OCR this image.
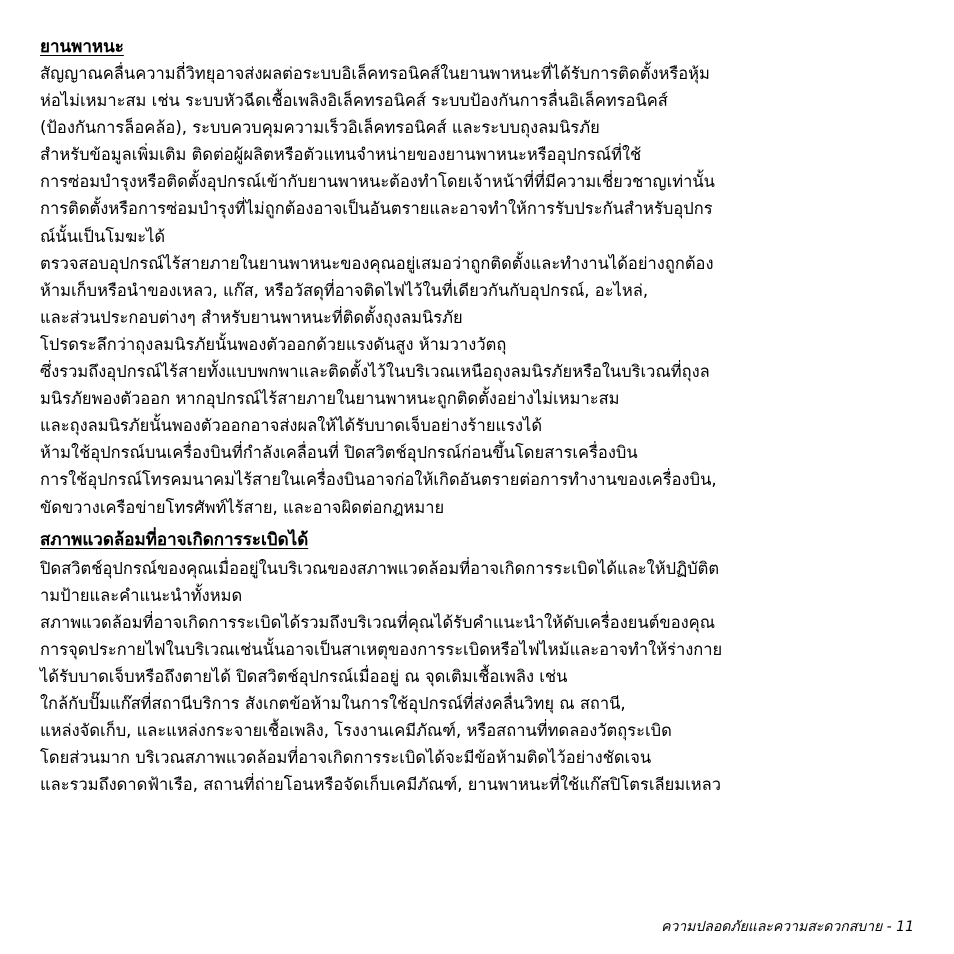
ยานพาหนะ

สัญญาณคลื่นความถี่วิทยุอาจส่งผลต่อระบบอิเล็คทรอนิคส์ในยานพาหนะที่ได้รับการติดตั้งหรือหุ้ม

ห่อไม่เหมาะสม เช่น ระบบหัวฉีดเชื้อเพลิงอิเล็คทรอนิคส์ ระบบป้องกันการลื่นอิเล็คทรอนิคส์

(ป้องกันการล็อคล้อ), ระบบควบคุมความเร็วอิเล็คทรอนิคส์ และระบบถุงลมนิรภัย

สำหรับข้อมูลเพิ่มเติม ติดต่อผู้ผลิตหรือตัวแทนจำหน่ายของยานพาหนะหรืออุปกรณ์ที่ใช้

การซ่อมบำรุงหรือติดตั้งอุปกรณ์เข้ากับยานพาหนะต้องทำโดยเจ้าหน้าที่ที่มีความเชี่ยวชาญเท่านั้น

การติดตั้งหรือการซ่อมบำรุงที่ไม่ถูกต้องอาจเป็นอันตรายและอาจทำให้การรับประกันสำหรับอุปกร

ณ์นั้นเป็นโมฆะได้

ตรวจสอบอุปกรณ์ไร้สายภายในยานพาหนะของคุณอยู่เสมอว่าถูกติดตั้งและทำงานได้อย่างถูกต้อง

ห้ามเก็บหรือนำของเหลว, แก๊ส, หรือวัสดุที่อาจติดไฟไว้ในที่เดียวกันกับอุปกรณ์, อะไหล่,

และส่วนประกอบต่างๆ สำหรับยานพาหนะที่ติดตั้งถุงลมนิรภัย

โปรดระลึกว่าถุงลมนิรภัยนั้นพองตัวออกด้วยแรงดันสูง ห้ามวางวัตถุ

ซึ่งรวมถึงอุปกรณ์ไร้สายทั้งแบบพกพาและติดตั้งไว้ในบริเวณเหนือถุงลมนิรภัยหรือในบริเวณที่ถุงล

มนิรภัยพองตัวออก หากอุปกรณ์ไร้สายภายในยานพาหนะถูกติดตั้งอย่างไม่เหมาะสม

และถุงลมนิรภัยนั้นพองตัวออกอาจส่งผลให้ได้รับบาดเจ็บอย่างร้ายแรงได้

ห้ามใช้อุปกรณ์บนเครื่องบินที่กำลังเคลื่อนที่ ปิดสวิตช์อุปกรณ์ก่อนขึ้นโดยสารเครื่องบิน

การใช้อุปกรณ์โทรคมนาคมไร้สายในเครื่องบินอาจก่อให้เกิดอันตรายต่อการทำงานของเครื่องบิน,

ขัดขวางเครือข่ายโทรศัพท์ไร้สาย, และอาจผิดต่อกฎหมาย

สภาพแวดล้อมที่อาจเกิดการระเบิดได้

ปิดสวิตช์อุปกรณ์ของคุณเมื่ออยู่ในบริเวณของสภาพแวดล้อมที่อาจเกิดการระเบิดได้และให้ปฏิบัติต

ามป้ายและคำแนะนำทั้งหมด

สภาพแวดล้อมที่อาจเกิดการระเบิดได้รวมถึงบริเวณที่คุณได้รับคำแนะนำให้ดับเครื่องยนต์ของคุณ

การจุดประกายไฟในบริเวณเช่นนั้นอาจเป็นสาเหตุของการระเบิดหรือไฟไหม้และอาจทำให้ร่างกาย

ได้รับบาดเจ็บหรือถึงตายได้ ปิดสวิตช์อุปกรณ์เมื่ออยู่ ณ จุดเติมเชื้อเพลิง เช่น

ใกล้กับปั๊มแก๊สที่สถานีบริการ สังเกตข้อห้ามในการใช้อุปกรณ์ที่ส่งคลื่นวิทยุ ณ สถานี,

แหล่งจัดเก็บ, และแหล่งกระจายเชื้อเพลิง, โรงงานเคมีภัณฑ์, หรือสถานที่ทดลองวัตถุระเบิด

โดยส่วนมาก บริเวณสภาพแวดล้อมที่อาจเกิดการระเบิดได้จะมีข้อห้ามติดไว้อย่างชัดเจน

และรวมถึงดาดฟ้าเรือ, สถานที่ถ่ายโอนหรือจัดเก็บเคมีภัณฑ์, ยานพาหนะที่ใช้แก๊สปิโตรเลียมเหลว

ความปลอดภัยและความสะดวกสบาย - 11
